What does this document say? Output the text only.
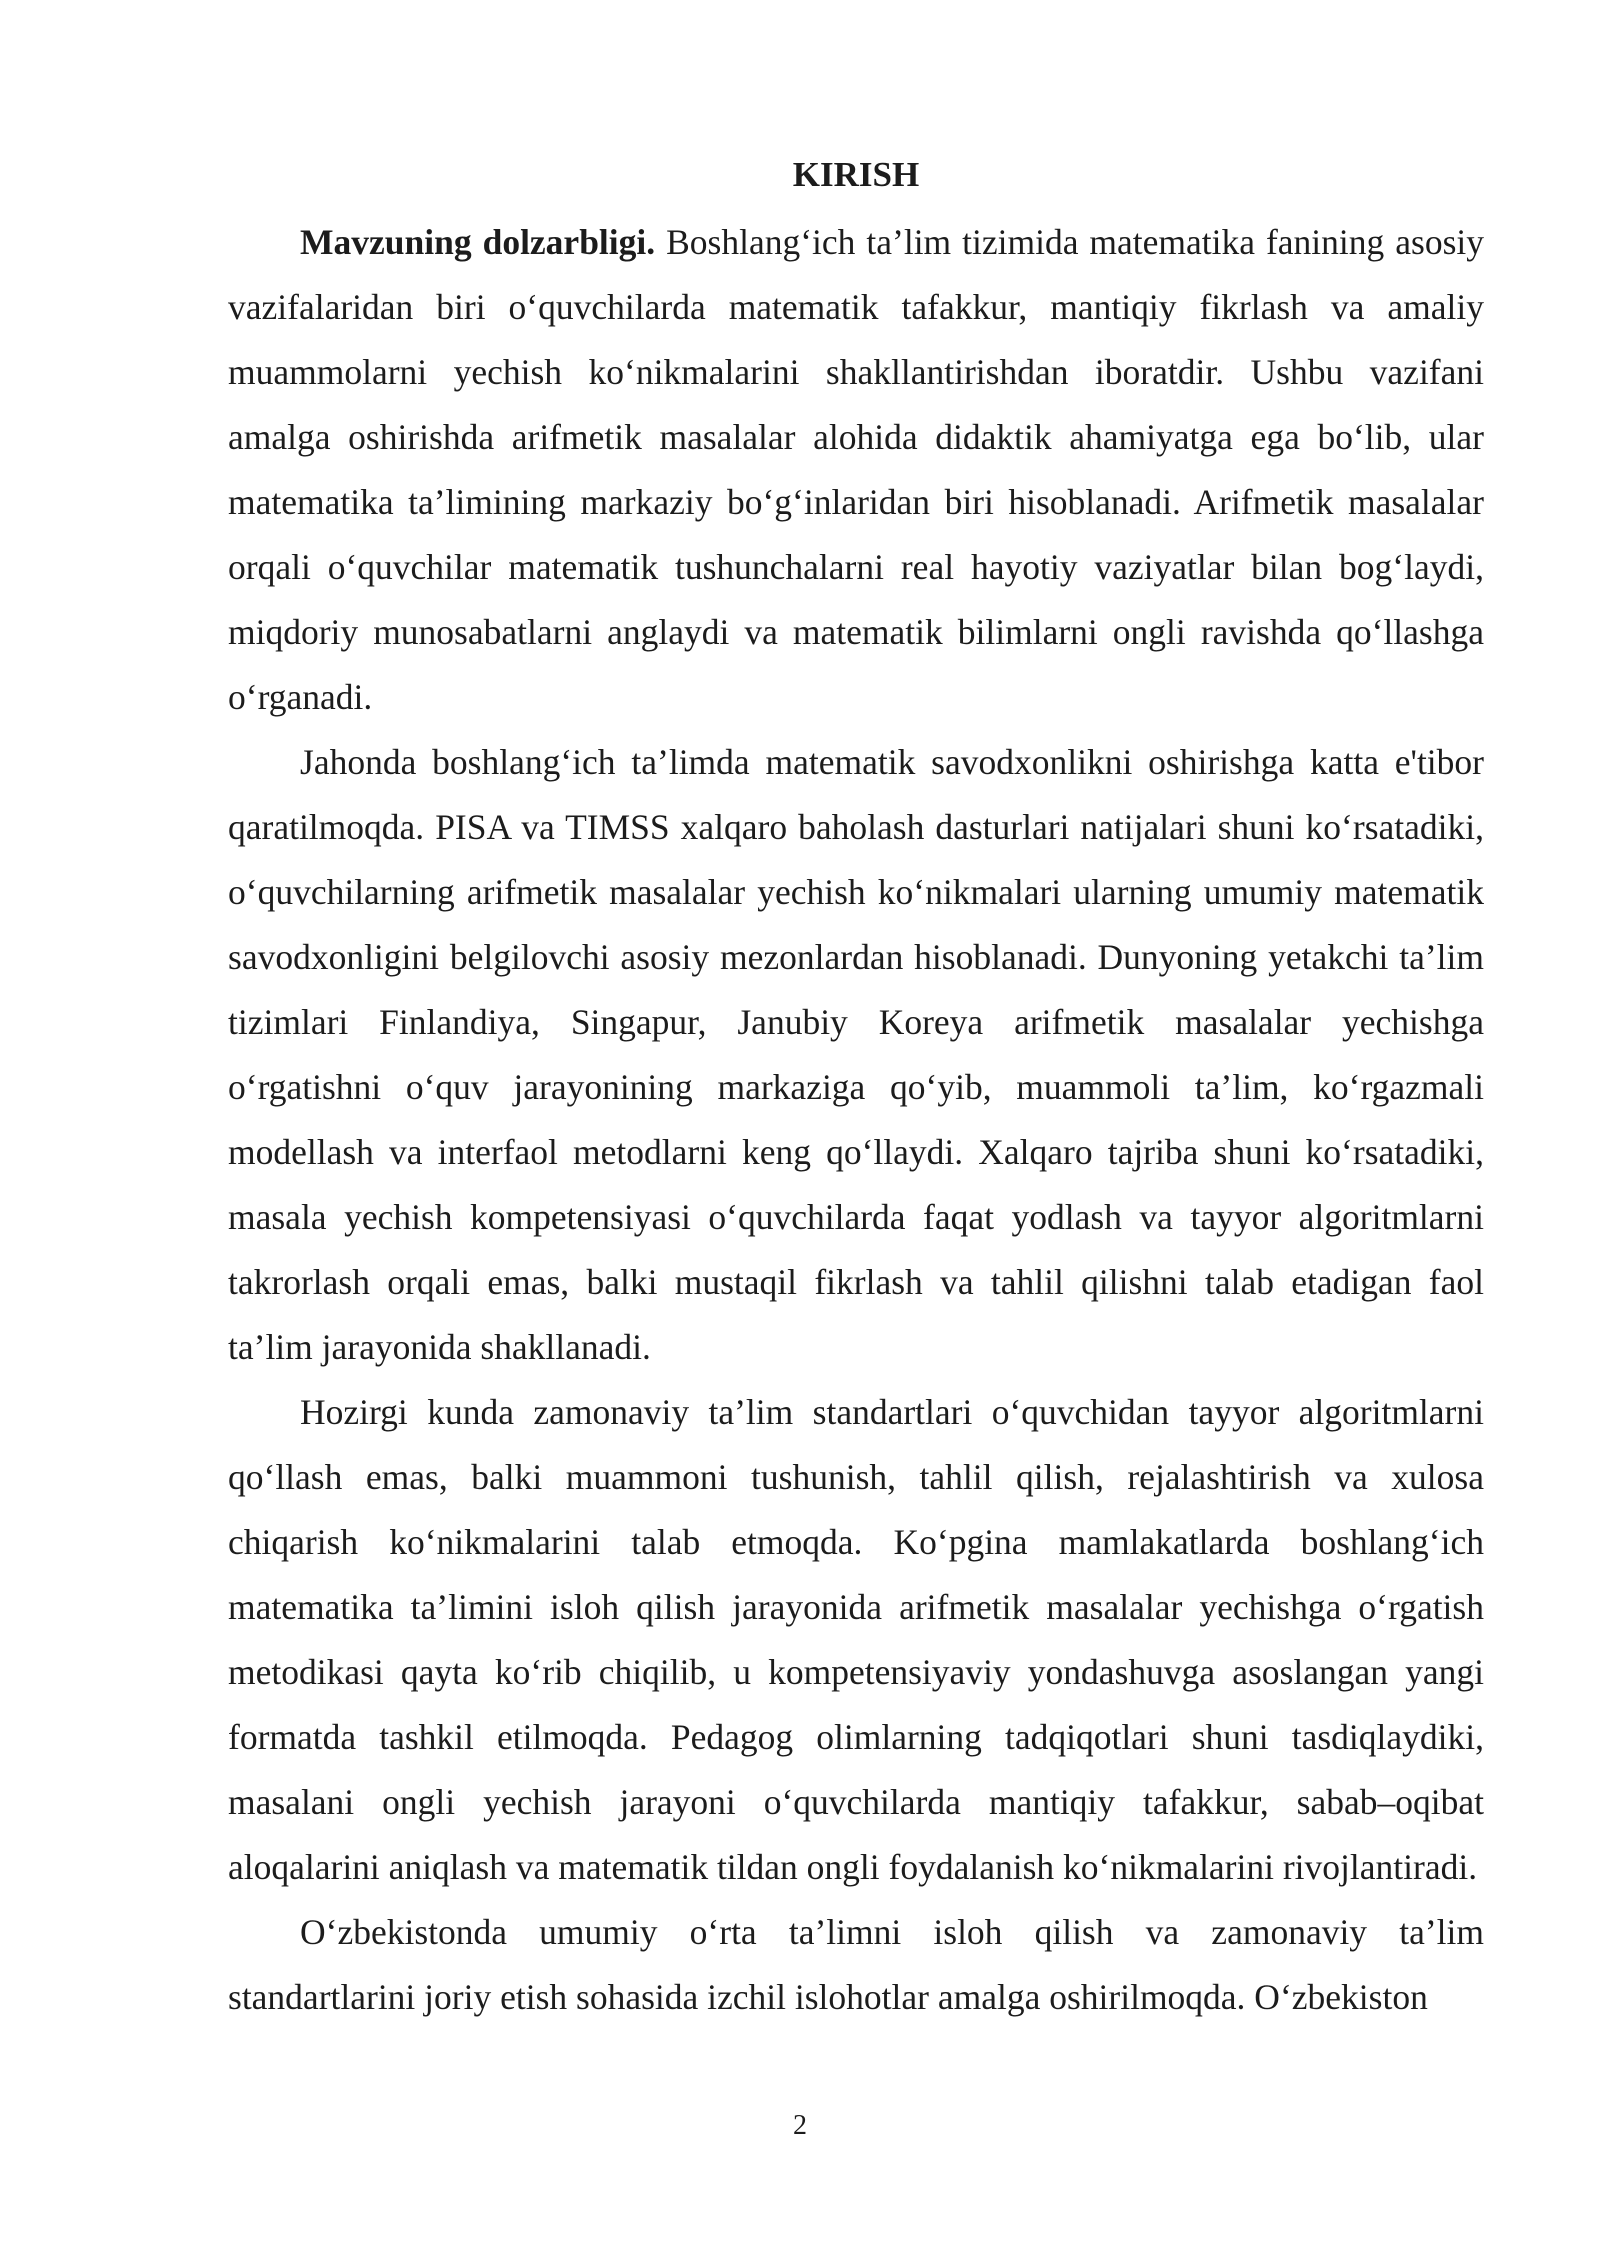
KIRISH

Mavzuning dolzarbligi. Boshlang‘ich ta’lim tizimida matematika fanining asosiy vazifalaridan biri o‘quvchilarda matematik tafakkur, mantiqiy fikrlash va amaliy muammolarni yechish ko‘nikmalarini shakllantirishdan iboratdir. Ushbu vazifani amalga oshirishda arifmetik masalalar alohida didaktik ahamiyatga ega bo‘lib, ular matematika ta’limining markaziy bo‘g‘inlaridan biri hisoblanadi. Arifmetik masalalar orqali o‘quvchilar matematik tushunchalarni real hayotiy vaziyatlar bilan bog‘laydi, miqdoriy munosabatlarni anglaydi va matematik bilimlarni ongli ravishda qo‘llashga o‘rganadi.

Jahonda boshlang‘ich ta’limda matematik savodxonlikni oshirishga katta e'tibor qaratilmoqda. PISA va TIMSS xalqaro baholash dasturlari natijalari shuni ko‘rsatadiki, o‘quvchilarning arifmetik masalalar yechish ko‘nikmalari ularning umumiy matematik savodxonligini belgilovchi asosiy mezonlardan hisoblanadi. Dunyoning yetakchi ta’lim tizimlari Finlandiya, Singapur, Janubiy Koreya arifmetik masalalar yechishga o‘rgatishni o‘quv jarayonining markaziga qo‘yib, muammoli ta’lim, ko‘rgazmali modellash va interfaol metodlarni keng qo‘llaydi. Xalqaro tajriba shuni ko‘rsatadiki, masala yechish kompetensiyasi o‘quvchilarda faqat yodlash va tayyor algoritmlarni takrorlash orqali emas, balki mustaqil fikrlash va tahlil qilishni talab etadigan faol ta’lim jarayonida shakllanadi.

Hozirgi kunda zamonaviy ta’lim standartlari o‘quvchidan tayyor algoritmlarni qo‘llash emas, balki muammoni tushunish, tahlil qilish, rejalashtirish va xulosa chiqarish ko‘nikmalarini talab etmoqda. Ko‘pgina mamlakatlarda boshlang‘ich matematika ta’limini isloh qilish jarayonida arifmetik masalalar yechishga o‘rgatish metodikasi qayta ko‘rib chiqilib, u kompetensiyaviy yondashuvga asoslangan yangi formatda tashkil etilmoqda. Pedagog olimlarning tadqiqotlari shuni tasdiqlaydiki, masalani ongli yechish jarayoni o‘quvchilarda mantiqiy tafakkur, sabab–oqibat aloqalarini aniqlash va matematik tildan ongli foydalanish ko‘nikmalarini rivojlantiradi.

O‘zbekistonda umumiy o‘rta ta’limni isloh qilish va zamonaviy ta’lim standartlarini joriy etish sohasida izchil islohotlar amalga oshirilmoqda. O‘zbekiston

2
